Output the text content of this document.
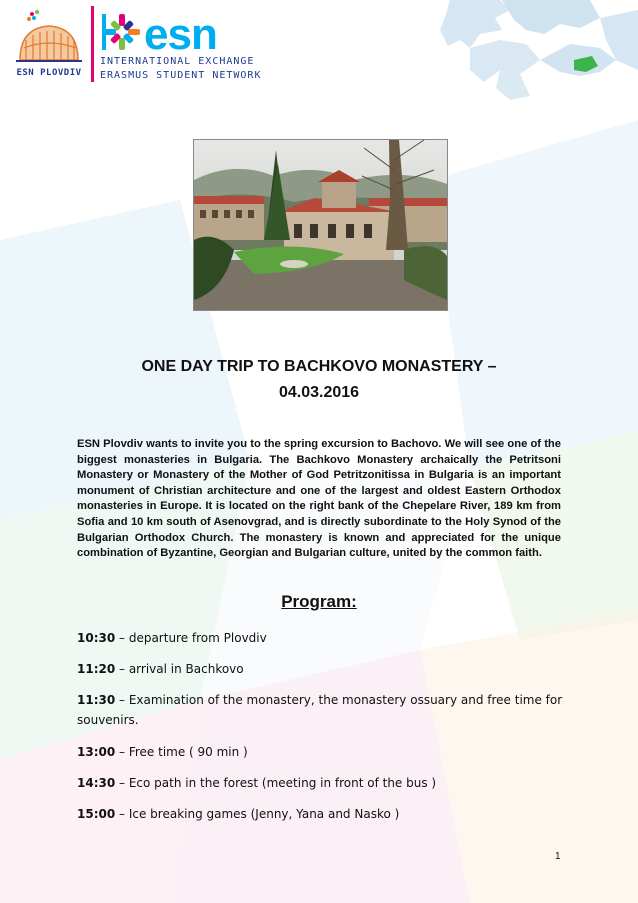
ESN PLOVDIV
esn
INTERNATIONAL EXCHANGE
ERASMUS STUDENT NETWORK
ONE DAY TRIP TO BACHKOVO MONASTERY –
04.03.2016
ESN Plovdiv wants to invite you to the spring excursion to Bachovo. We will see one of the biggest monasteries in Bulgaria. The Bachkovo Monastery archaically the Petritsoni Monastery or Monastery of the Mother of God Petritzonitissa in Bulgaria is an important monument of Christian architecture and one of the largest and oldest Eastern Orthodox monasteries in Europe. It is located on the right bank of the Chepelare River, 189 km from Sofia and 10 km south of Asenovgrad, and is directly subordinate to the Holy Synod of the Bulgarian Orthodox Church. The monastery is known and appreciated for the unique combination of Byzantine, Georgian and Bulgarian culture, united by the common faith.
Program:
10:30 – departure from Plovdiv
11:20 – arrival in Bachkovo
11:30 – Examination of the monastery, the monastery ossuary and free time for souvenirs.
13:00 – Free time ( 90 min )
14:30 – Eco path in the forest (meeting in front of the bus )
15:00 – Ice breaking games (Jenny, Yana and Nasko )
1
